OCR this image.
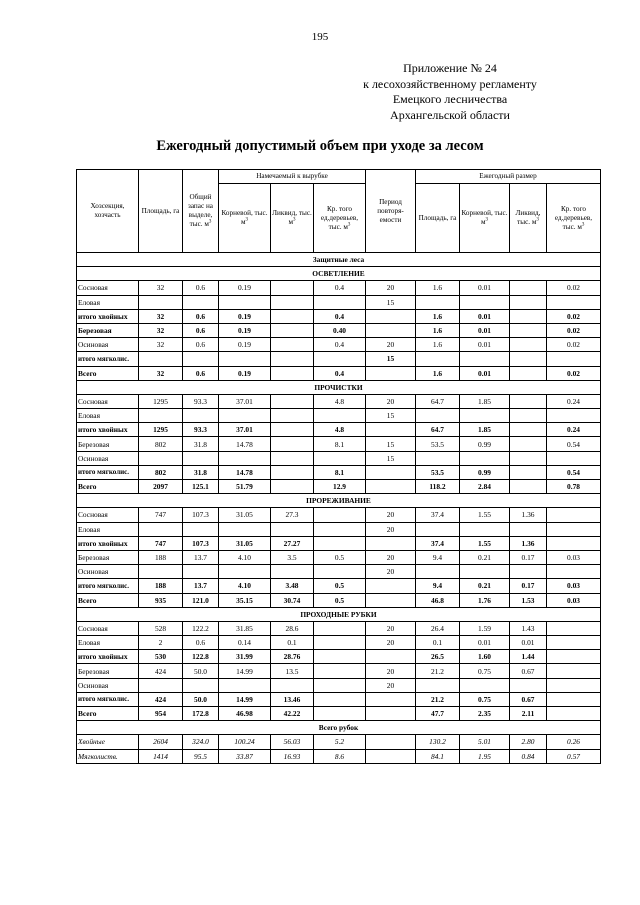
195
Приложение № 24
к лесохозяйственному регламенту
Емецкого лесничества
Архангельской области
Ежегодный допустимый объем при уходе за лесом
Хозсекция, хозчасть	Площадь, га	Общий запас на выделе, тыс. $м^3$	Намечаемый к вырубке			Период повторя-емости	Ежегодный размер			
			Корневой, тыс. $м^3$	Ликвид, тыс. $м^3$	Кр. того ед.деревьев, тыс. $м^3$		Площадь, га	Корневой, тыс. $м^3$	Ликвид, тыс. $м^3$	Кр. того ед.деревьев, тыс. $м^3$
Защитные леса										
ОСВЕТЛЕНИЕ										
Сосновая	32	0.6	0.19		0.4	20	1.6	0.01		0.02
Еловая						15				
итого хвойных	32	0.6	0.19		0.4		1.6	0.01		0.02
Березовая	32	0.6	0.19		0.40		1.6	0.01		0.02
Осиновая	32	0.6	0.19		0.4	20	1.6	0.01		0.02
итого мягколис.						15				
Всего	32	0.6	0.19		0.4		1.6	0.01		0.02
ПРОЧИСТКИ										
Сосновая	1295	93.3	37.01		4.8	20	64.7	1.85		0.24
Еловая						15				
итого хвойных	1295	93.3	37.01		4.8		64.7	1.85		0.24
Березовая	802	31.8	14.78		8.1	15	53.5	0.99		0.54
Осиновая						15				
итого мягколис.	802	31.8	14.78		8.1		53.5	0.99		0.54
Всего	2097	125.1	51.79		12.9		118.2	2.84		0.78
ПРОРЕЖИВАНИЕ										
Сосновая	747	107.3	31.05	27.3		20	37.4	1.55	1.36	
Еловая						20				
итого хвойных	747	107.3	31.05	27.27			37.4	1.55	1.36	
Березовая	188	13.7	4.10	3.5	0.5	20	9.4	0.21	0.17	0.03
Осиновая						20				
итого мягколис.	188	13.7	4.10	3.48	0.5		9.4	0.21	0.17	0.03
Всего	935	121.0	35.15	30.74	0.5		46.8	1.76	1.53	0.03
ПРОХОДНЫЕ РУБКИ										
Сосновая	528	122.2	31.85	28.6		20	26.4	1.59	1.43	
Еловая	2	0.6	0.14	0.1		20	0.1	0.01	0.01	
итого хвойных	530	122.8	31.99	28.76			26.5	1.60	1.44	
Березовая	424	50.0	14.99	13.5		20	21.2	0.75	0.67	
Осиновая						20				
итого мягколис.	424	50.0	14.99	13.46			21.2	0.75	0.67	
Всего	954	172.8	46.98	42.22			47.7	2.35	2.11	
Всего рубок										
Хвойные	2604	324.0	100.24	56.03	5.2		130.2	5.01	2.80	0.26
Мягколиств.	1414	95.5	33.87	16.93	8.6		84.1	1.95	0.84	0.57
